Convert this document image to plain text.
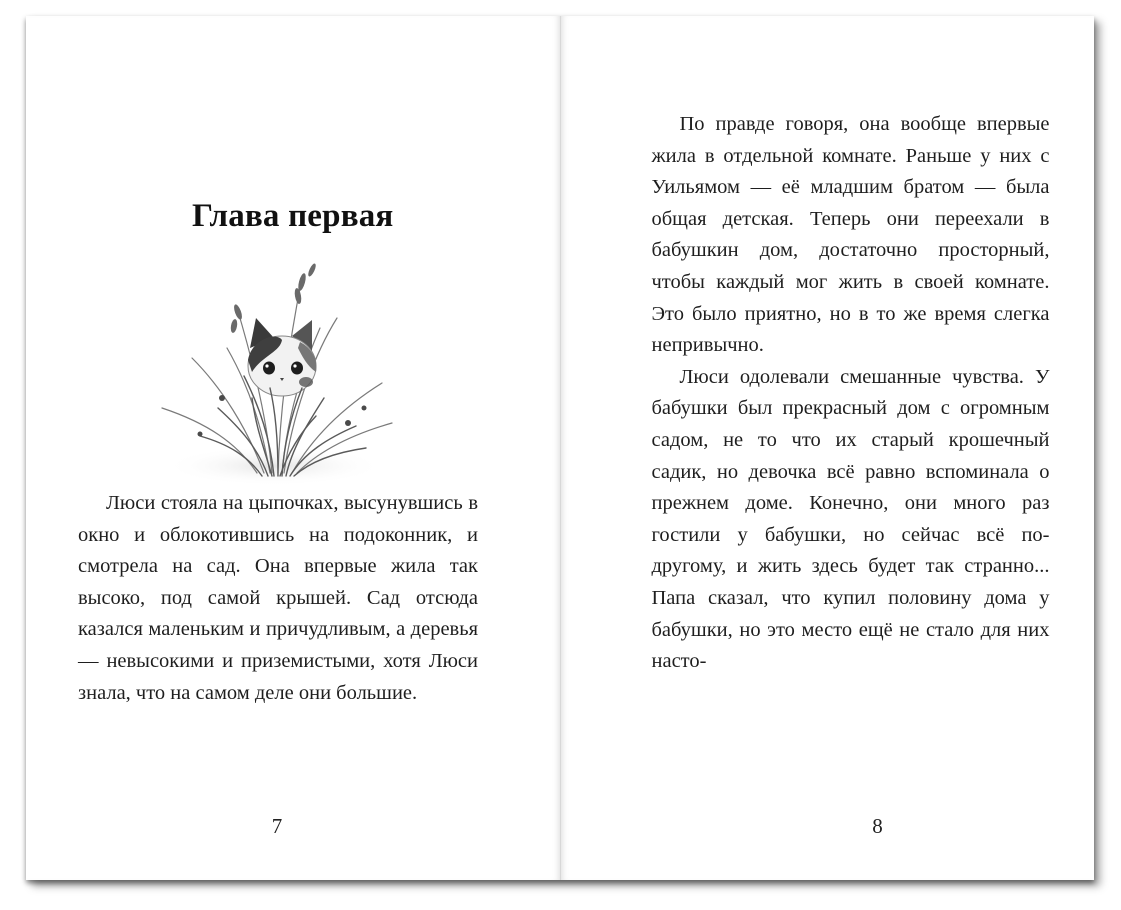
Глава первая

Люси стояла на цыпочках, высунувшись в окно и облокотившись на подоконник, и смотрела на сад. Она впервые жила так высоко, под самой крышей. Сад отсюда казался маленьким и причудливым, а деревья — невысокими и приземистыми, хотя Люси знала, что на самом деле они большие.

7

По правде говоря, она вообще впервые жила в отдельной комнате. Раньше у них с Уильямом — её младшим братом — была общая детская. Теперь они переехали в бабушкин дом, достаточно просторный, чтобы каждый мог жить в своей комнате. Это было приятно, но в то же время слегка непривычно.

Люси одолевали смешанные чувства. У бабушки был прекрасный дом с огромным садом, не то что их старый крошечный садик, но девочка всё равно вспоминала о прежнем доме. Конечно, они много раз гостили у бабушки, но сейчас всё по-другому, и жить здесь будет так странно... Папа сказал, что купил половину дома у бабушки, но это место ещё не стало для них насто-

8
